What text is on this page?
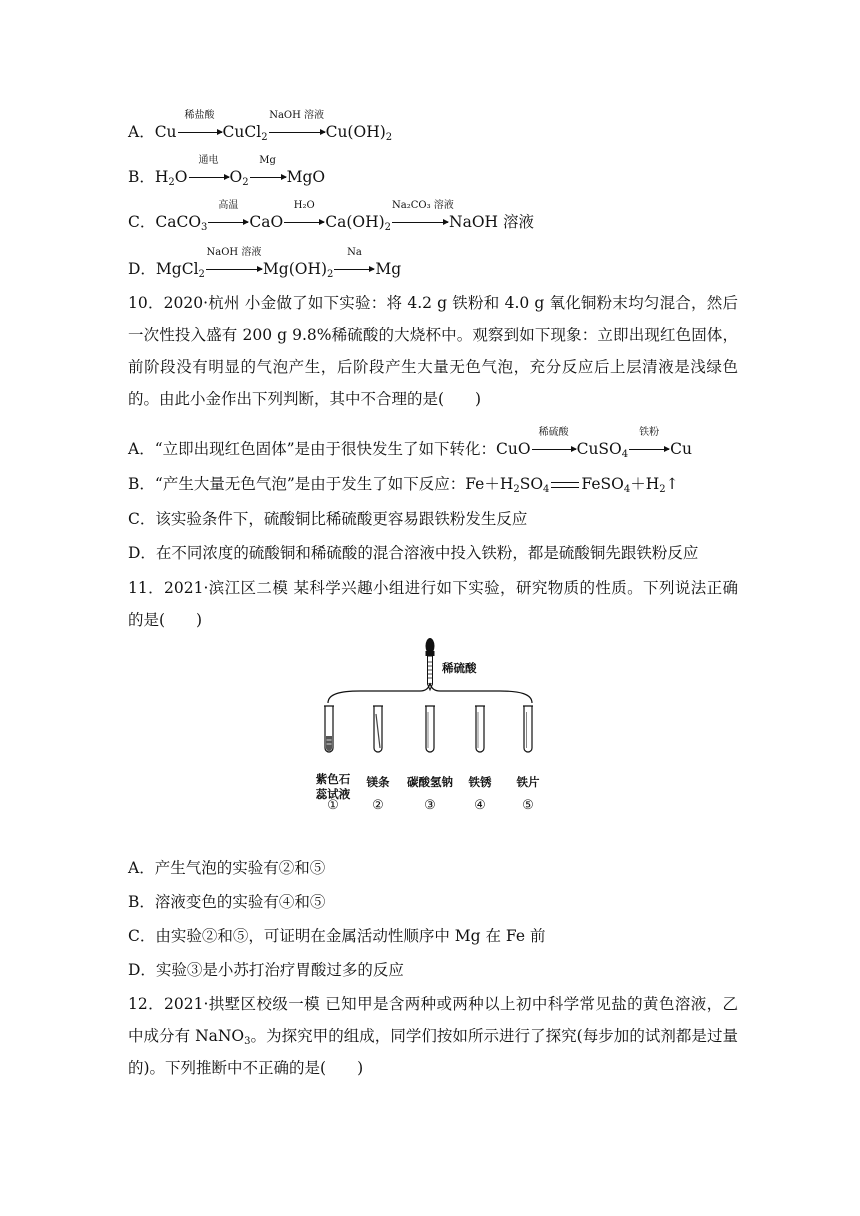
A．Cu
稀盐酸
CuCl$_2$
NaOH 溶液
$Cu(OH)_2$
B．$H_2O$
通电
$O_2$
Mg
MgO
C．CaCO$_3$
高温
CaO
H₂O
$Ca(OH)_2$
Na₂CO₃ 溶液
NaOH 溶液
D．MgCl$_2$
NaOH 溶液
$Mg(OH)_2$
Na
Mg
10．2020·杭州 小金做了如下实验：将 4.2 g 铁粉和 4.0 g 氧化铜粉末均匀混合，然后一次性投入盛有 200 g 9.8%稀硫酸的大烧杯中。观察到如下现象：立即出现红色固体，前阶段没有明显的气泡产生，后阶段产生大量无色气泡，充分反应后上层清液是浅绿色的。由此小金作出下列判断，其中不合理的是(　　)
A．“立即出现红色固体”是由于很快发生了如下转化：CuO
稀硫酸
CuSO$_4$
铁粉
Cu
B．“产生大量无色气泡”是由于发生了如下反应：$Fe+H_2SO_4$ $FeSO_4+H_2↑$
C．该实验条件下，硫酸铜比稀硫酸更容易跟铁粉发生反应
D．在不同浓度的硫酸铜和稀硫酸的混合溶液中投入铁粉，都是硫酸铜先跟铁粉反应
11．2021·滨江区二模 某科学兴趣小组进行如下实验，研究物质的性质。下列说法正确的是(　　)
稀硫酸
紫色石
蕊试液
镁条	碳酸氢钠	铁锈	铁片
①	②	③	④	⑤
A．产生气泡的实验有②和⑤
B．溶液变色的实验有④和⑤
C．由实验②和⑤，可证明在金属活动性顺序中 Mg 在 Fe 前
D．实验③是小苏打治疗胃酸过多的反应
12．2021·拱墅区校级一模 已知甲是含两种或两种以上初中科学常见盐的黄色溶液，乙中成分有 NaNO$_3$。为探究甲的组成，同学们按如所示进行了探究(每步加的试剂都是过量的)。下列推断中不正确的是(　　)
